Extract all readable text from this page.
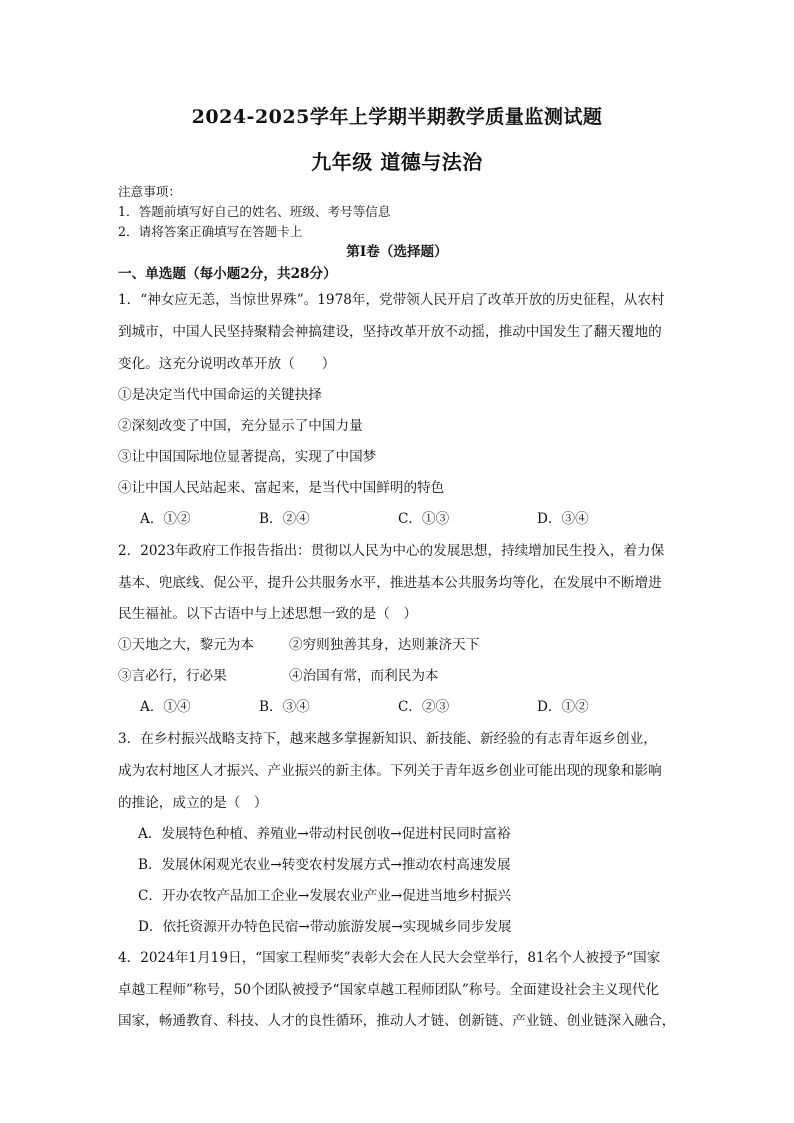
2024-2025学年上学期半期教学质量监测试题
九年级 道德与法治
注意事项：
1．答题前填写好自己的姓名、班级、考号等信息
2．请将答案正确填写在答题卡上
第Ⅰ卷（选择题）
一、单选题（每小题2分，共28分）
1．“神女应无恙，当惊世界殊”。1978年，党带领人民开启了改革开放的历史征程，从农村
到城市，中国人民坚持聚精会神搞建设，坚持改革开放不动摇，推动中国发生了翻天覆地的
变化。这充分说明改革开放（　　）
①是决定当代中国命运的关键抉择
②深刻改变了中国，充分显示了中国力量
③让中国国际地位显著提高，实现了中国梦
④让中国人民站起来、富起来，是当代中国鲜明的特色
A．①②	B．②④	C．①③	D．③④
2．2023年政府工作报告指出：贯彻以人民为中心的发展思想，持续增加民生投入，着力保
基本、兜底线、促公平，提升公共服务水平，推进基本公共服务均等化，在发展中不断增进
民生福祉。以下古语中与上述思想一致的是（　）
①天地之大，黎元为本	②穷则独善其身，达则兼济天下
③言必行，行必果	④治国有常，而利民为本
A．①④	B．③④	C．②③	D．①②
3．在乡村振兴战略支持下，越来越多掌握新知识、新技能、新经验的有志青年返乡创业，
成为农村地区人才振兴、产业振兴的新主体。下列关于青年返乡创业可能出现的现象和影响
的推论，成立的是（　）
A．发展特色种植、养殖业→带动村民创收→促进村民同时富裕
B．发展休闲观光农业→转变农村发展方式→推动农村高速发展
C．开办农牧产品加工企业→发展农业产业→促进当地乡村振兴
D．依托资源开办特色民宿→带动旅游发展→实现城乡同步发展
4．2024年1月19日，“国家工程师奖”表彰大会在人民大会堂举行，81名个人被授予“国家
卓越工程师”称号，50个团队被授予“国家卓越工程师团队”称号。全面建设社会主义现代化
国家，畅通教育、科技、人才的良性循环，推动人才链、创新链、产业链、创业链深入融合，
